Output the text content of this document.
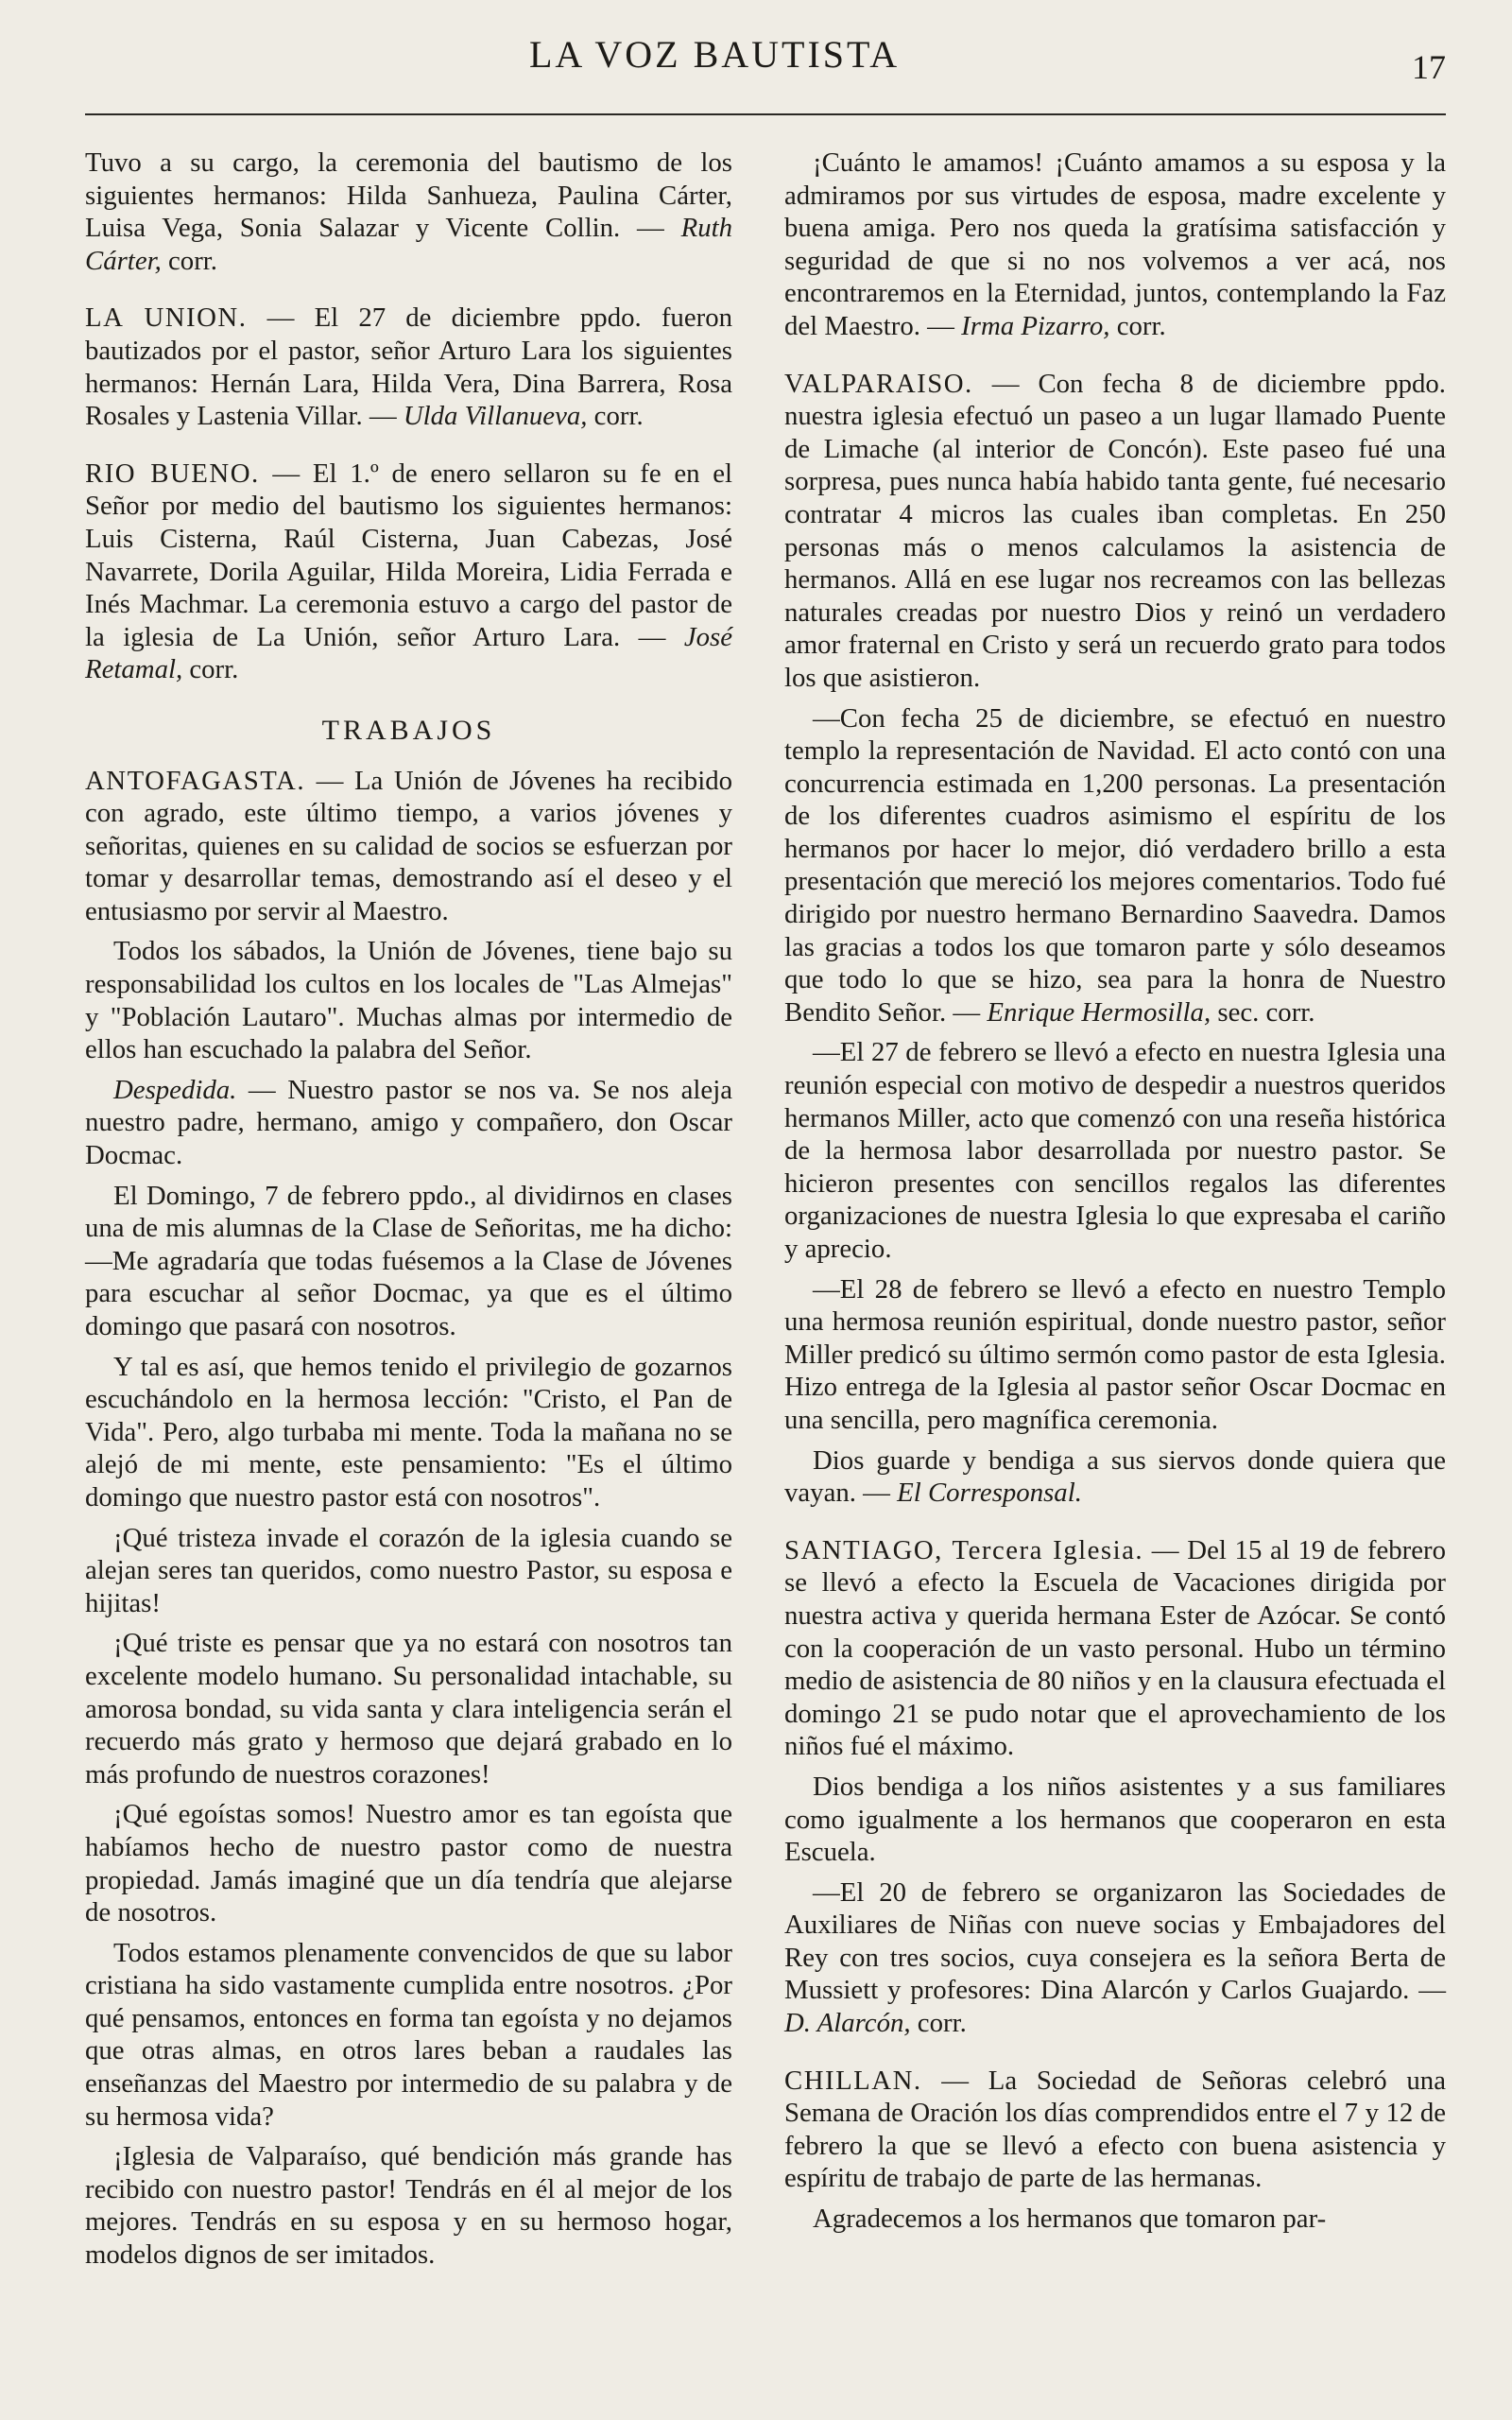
LA VOZ BAUTISTA	17

Tuvo a su cargo, la ceremonia del bautismo de los siguientes hermanos: Hilda Sanhueza, Paulina Cárter, Luisa Vega, Sonia Salazar y Vicente Collin. — Ruth Cárter, corr.

LA UNION. — El 27 de diciembre ppdo. fueron bautizados por el pastor, señor Arturo Lara los siguientes hermanos: Hernán Lara, Hilda Vera, Dina Barrera, Rosa Rosales y Lastenia Villar. — Ulda Villanueva, corr.

RIO BUENO. — El 1.º de enero sellaron su fe en el Señor por medio del bautismo los siguientes hermanos: Luis Cisterna, Raúl Cisterna, Juan Cabezas, José Navarrete, Dorila Aguilar, Hilda Moreira, Lidia Ferrada e Inés Machmar. La ceremonia estuvo a cargo del pastor de la iglesia de La Unión, señor Arturo Lara. — José Retamal, corr.

TRABAJOS

ANTOFAGASTA. — La Unión de Jóvenes ha recibido con agrado, este último tiempo, a varios jóvenes y señoritas, quienes en su calidad de socios se esfuerzan por tomar y desarrollar temas, demostrando así el deseo y el entusiasmo por servir al Maestro.

Todos los sábados, la Unión de Jóvenes, tiene bajo su responsabilidad los cultos en los locales de "Las Almejas" y "Población Lautaro". Muchas almas por intermedio de ellos han escuchado la palabra del Señor.

Despedida. — Nuestro pastor se nos va. Se nos aleja nuestro padre, hermano, amigo y compañero, don Oscar Docmac.

El Domingo, 7 de febrero ppdo., al dividirnos en clases una de mis alumnas de la Clase de Señoritas, me ha dicho: —Me agradaría que todas fuésemos a la Clase de Jóvenes para escuchar al señor Docmac, ya que es el último domingo que pasará con nosotros.

Y tal es así, que hemos tenido el privilegio de gozarnos escuchándolo en la hermosa lección: "Cristo, el Pan de Vida". Pero, algo turbaba mi mente. Toda la mañana no se alejó de mi mente, este pensamiento: "Es el último domingo que nuestro pastor está con nosotros".

¡Qué tristeza invade el corazón de la iglesia cuando se alejan seres tan queridos, como nuestro Pastor, su esposa e hijitas!

¡Qué triste es pensar que ya no estará con nosotros tan excelente modelo humano. Su personalidad intachable, su amorosa bondad, su vida santa y clara inteligencia serán el recuerdo más grato y hermoso que dejará grabado en lo más profundo de nuestros corazones!

¡Qué egoístas somos! Nuestro amor es tan egoísta que habíamos hecho de nuestro pastor como de nuestra propiedad. Jamás imaginé que un día tendría que alejarse de nosotros.

Todos estamos plenamente convencidos de que su labor cristiana ha sido vastamente cumplida entre nosotros. ¿Por qué pensamos, entonces en forma tan egoísta y no dejamos que otras almas, en otros lares beban a raudales las enseñanzas del Maestro por intermedio de su palabra y de su hermosa vida?

¡Iglesia de Valparaíso, qué bendición más grande has recibido con nuestro pastor! Tendrás en él al mejor de los mejores. Tendrás en su esposa y en su hermoso hogar, modelos dignos de ser imitados.

¡Cuánto le amamos! ¡Cuánto amamos a su esposa y la admiramos por sus virtudes de esposa, madre excelente y buena amiga. Pero nos queda la gratísima satisfacción y seguridad de que si no nos volvemos a ver acá, nos encontraremos en la Eternidad, juntos, contemplando la Faz del Maestro. — Irma Pizarro, corr.

VALPARAISO. — Con fecha 8 de diciembre ppdo. nuestra iglesia efectuó un paseo a un lugar llamado Puente de Limache (al interior de Concón). Este paseo fué una sorpresa, pues nunca había habido tanta gente, fué necesario contratar 4 micros las cuales iban completas. En 250 personas más o menos calculamos la asistencia de hermanos. Allá en ese lugar nos recreamos con las bellezas naturales creadas por nuestro Dios y reinó un verdadero amor fraternal en Cristo y será un recuerdo grato para todos los que asistieron.

—Con fecha 25 de diciembre, se efectuó en nuestro templo la representación de Navidad. El acto contó con una concurrencia estimada en 1,200 personas. La presentación de los diferentes cuadros asimismo el espíritu de los hermanos por hacer lo mejor, dió verdadero brillo a esta presentación que mereció los mejores comentarios. Todo fué dirigido por nuestro hermano Bernardino Saavedra. Damos las gracias a todos los que tomaron parte y sólo deseamos que todo lo que se hizo, sea para la honra de Nuestro Bendito Señor. — Enrique Hermosilla, sec. corr.

—El 27 de febrero se llevó a efecto en nuestra Iglesia una reunión especial con motivo de despedir a nuestros queridos hermanos Miller, acto que comenzó con una reseña histórica de la hermosa labor desarrollada por nuestro pastor. Se hicieron presentes con sencillos regalos las diferentes organizaciones de nuestra Iglesia lo que expresaba el cariño y aprecio.

—El 28 de febrero se llevó a efecto en nuestro Templo una hermosa reunión espiritual, donde nuestro pastor, señor Miller predicó su último sermón como pastor de esta Iglesia. Hizo entrega de la Iglesia al pastor señor Oscar Docmac en una sencilla, pero magnífica ceremonia.

Dios guarde y bendiga a sus siervos donde quiera que vayan. — El Corresponsal.

SANTIAGO, Tercera Iglesia. — Del 15 al 19 de febrero se llevó a efecto la Escuela de Vacaciones dirigida por nuestra activa y querida hermana Ester de Azócar. Se contó con la cooperación de un vasto personal. Hubo un término medio de asistencia de 80 niños y en la clausura efectuada el domingo 21 se pudo notar que el aprovechamiento de los niños fué el máximo.

Dios bendiga a los niños asistentes y a sus familiares como igualmente a los hermanos que cooperaron en esta Escuela.

—El 20 de febrero se organizaron las Sociedades de Auxiliares de Niñas con nueve socias y Embajadores del Rey con tres socios, cuya consejera es la señora Berta de Mussiett y profesores: Dina Alarcón y Carlos Guajardo. — D. Alarcón, corr.

CHILLAN. — La Sociedad de Señoras celebró una Semana de Oración los días comprendidos entre el 7 y 12 de febrero la que se llevó a efecto con buena asistencia y espíritu de trabajo de parte de las hermanas.

Agradecemos a los hermanos que tomaron par-
